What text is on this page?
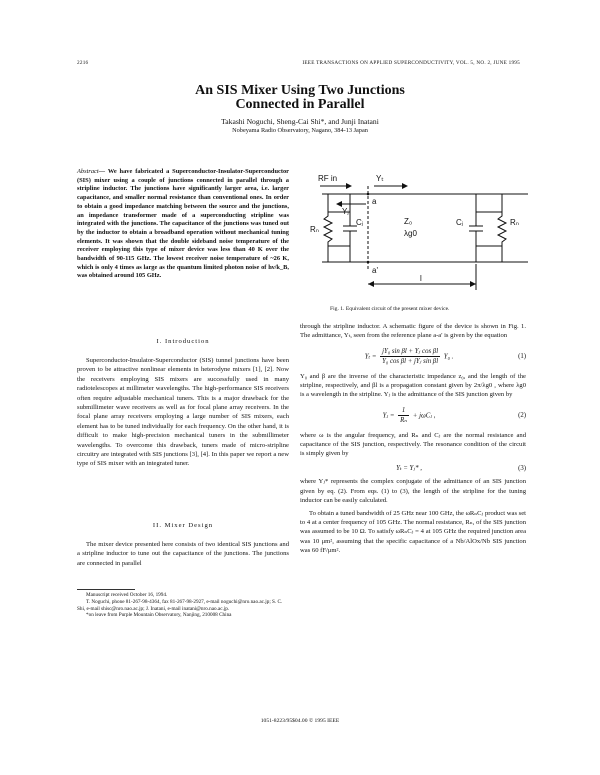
2216	IEEE TRANSACTIONS ON APPLIED SUPERCONDUCTIVITY, VOL. 5, NO. 2, JUNE 1995
An SIS Mixer Using Two Junctions
Connected in Parallel
Takashi Noguchi, Sheng-Cai Shi*, and Junji Inatani
Nobeyama Radio Observatory, Nagano, 384-13 Japan
Abstract— We have fabricated a Superconductor-Insulator-Superconductor (SIS) mixer using a couple of junctions connected in parallel through a stripline inductor. The junctions have significantly larger area, i.e. larger capacitance, and smaller normal resistance than conventional ones. In order to obtain a good impedance matching between the source and the junctions, an impedance transformer made of a superconducting stripline was integrated with the junctions. The capacitance of the junctions was tuned out by the inductor to obtain a broadband operation without mechanical tuning elements. It was shown that the double sideband noise temperature of the receiver employing this type of mixer device was less than 40 K over the bandwidth of 90-115 GHz. The lowest receiver noise temperature of ~26 K, which is only 4 times as large as the quantum limited photon noise of hν/k_B, was obtained around 105 GHz.
I. Introduction
Superconductor-Insulator-Superconductor (SIS) tunnel junctions have been proven to be attractive nonlinear elements in heterodyne mixers [1], [2]. Now the receivers employing SIS mixers are successfully used in many radiotelescopes at millimeter wavelengths. The high-performance SIS receivers often require adjustable mechanical tuners. This is a major drawback for the submillimeter wave receivers as well as for focal plane array receivers. In the focal plane array receivers employing a large number of SIS mixers, each element has to be tuned individually for each frequency. On the other hand, it is difficult to make high-precision mechanical tuners in the submillimeter wavelengths. To overcome this drawback, tuners made of micro-stripline circuitry are integrated with SIS junctions [3], [4]. In this paper we report a new type of SIS mixer with an integrated tuner.
II. Mixer Design
The mixer device presented here consists of two identical SIS junctions and a stripline inductor to tune out the capacitance of the junctions. The junctions are connected in parallel
Manuscript received October 16, 1994.
T. Noguchi, phone 81-267-98-4364, fax 81-267-98-2927, e-mail noguchi@nro.nao.ac.jp; S. C. Shi, e-mail shisc@nro.nao.ac.jp; J. Inatani, e-mail inatani@nro.nao.ac.jp.
*on leave from Purple Mountain Observatory, Nanjing, 210008 China
RF in	Yₜ
Yⱼ
a
a'
Rₙ
Cⱼ	Z₀
λg0
Cⱼ	Rₙ
l
Fig. 1. Equivalent circuit of the present mixer device.
through the stripline inductor. A schematic figure of the device is shown in Fig. 1. The admittance, Yₜ, seen from the reference plane a-a' is given by the equation
$Y_t = \frac{\text{jY₀ sin βl + Yⱼ cos βl}}{\text{Y₀ cos βl + jYⱼ sin βl}} Y_0$ .	(1)
Y₀ and β are the inverse of the characteristic impedance z₀, and the length of the stripline, respectively, and βl is a propagation constant given by 2π/λg0 , where λg0 is a wavelength in the stripline. Yⱼ is the admittance of the SIS junction given by
Yⱼ = $\frac{1}{\text{Rₙ}}$ + jωCⱼ ,	(2)
where ω is the angular frequency, and Rₙ and Cⱼ are the normal resistance and capacitance of the SIS junction, respectively. The resonance condition of the circuit is simply given by
Yₜ = Yⱼ* ,	(3)
where Yⱼ* represents the complex conjugate of the admittance of an SIS junction given by eq. (2). From eqs. (1) to (3), the length of the stripline for the tuning inductor can be easily calculated.
To obtain a tuned bandwidth of 25 GHz near 100 GHz, the ωRₙCⱼ product was set to 4 at a center frequency of 105 GHz. The normal resistance, Rₙ, of the SIS junction was assumed to be 10 Ω. To satisfy ωRₙCⱼ = 4 at 105 GHz the required junction area was 10 μm², assuming that the specific capacitance of a Nb/AlOx/Nb SIS junction was 60 fF/μm².
1051-8223/95$04.00 © 1995 IEEE
